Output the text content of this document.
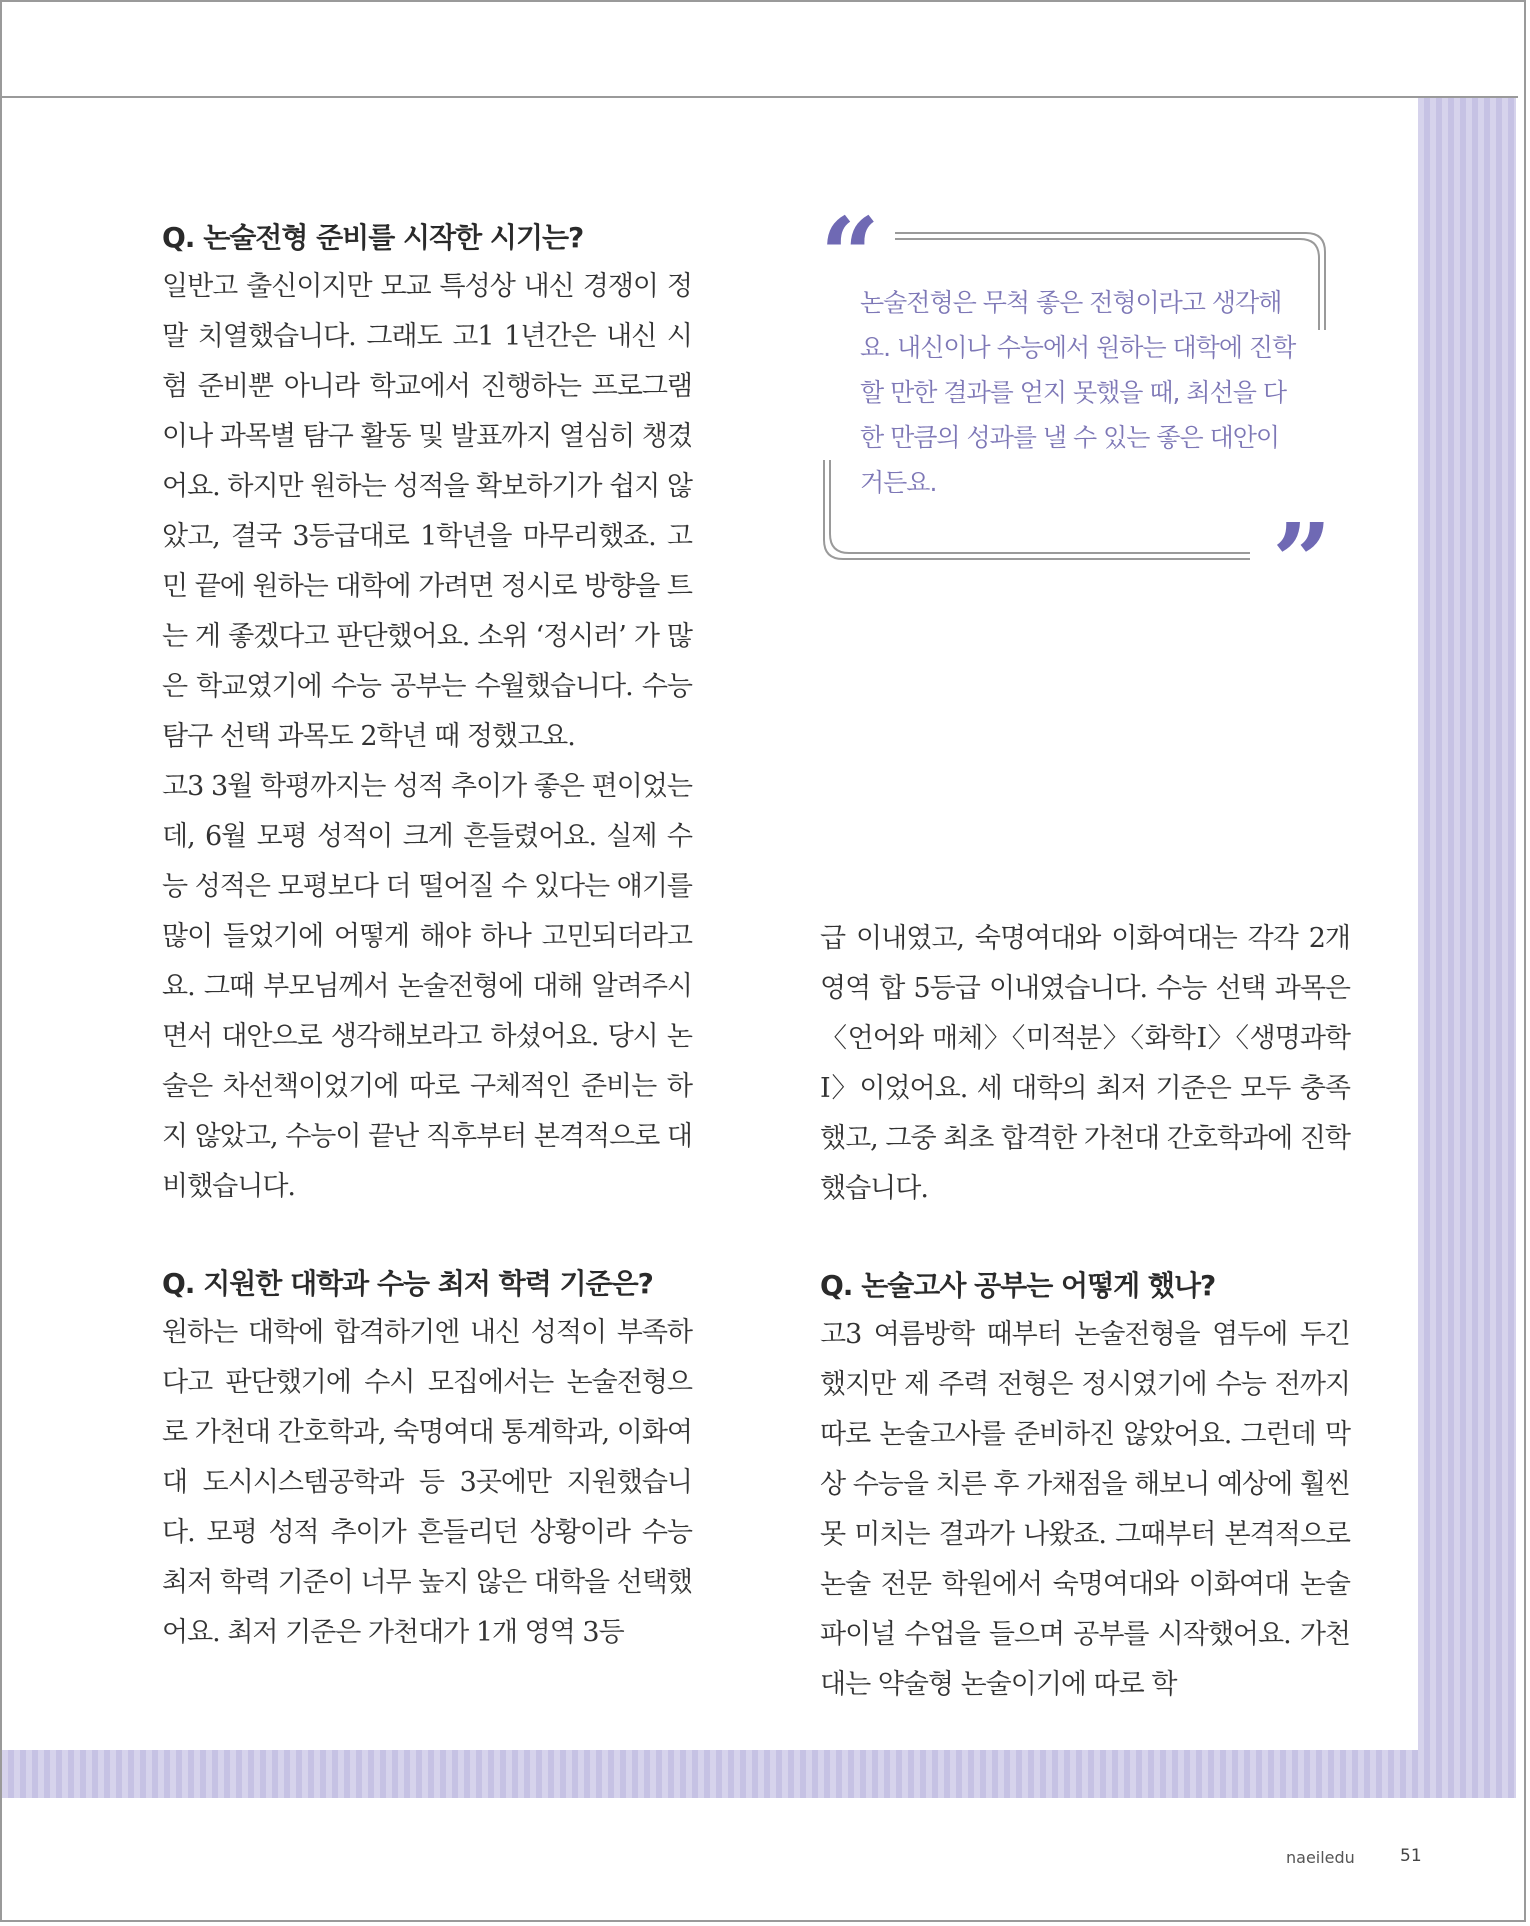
Q. 논술전형 준비를 시작한 시기는?

일반고 출신이지만 모교 특성상 내신 경쟁이 정말 치열했습니다. 그래도 고1 1년간은 내신 시험 준비뿐 아니라 학교에서 진행하는 프로그램이나 과목별 탐구 활동 및 발표까지 열심히 챙겼어요. 하지만 원하는 성적을 확보하기가 쉽지 않았고, 결국 3등급대로 1학년을 마무리했죠. 고민 끝에 원하는 대학에 가려면 정시로 방향을 트는 게 좋겠다고 판단했어요. 소위 ‘정시러’ 가 많은 학교였기에 수능 공부는 수월했습니다. 수능 탐구 선택 과목도 2학년 때 정했고요.

고3 3월 학평까지는 성적 추이가 좋은 편이었는데, 6월 모평 성적이 크게 흔들렸어요. 실제 수능 성적은 모평보다 더 떨어질 수 있다는 얘기를 많이 들었기에 어떻게 해야 하나 고민되더라고요. 그때 부모님께서 논술전형에 대해 알려주시면서 대안으로 생각해보라고 하셨어요. 당시 논술은 차선책이었기에 따로 구체적인 준비는 하지 않았고, 수능이 끝난 직후부터 본격적으로 대비했습니다.

Q. 지원한 대학과 수능 최저 학력 기준은?

원하는 대학에 합격하기엔 내신 성적이 부족하다고 판단했기에 수시 모집에서는 논술전형으로 가천대 간호학과, 숙명여대 통계학과, 이화여대 도시시스템공학과 등 3곳에만 지원했습니다. 모평 성적 추이가 흔들리던 상황이라 수능 최저 학력 기준이 너무 높지 않은 대학을 선택했어요. 최저 기준은 가천대가 1개 영역 3등

“

논술전형은 무척 좋은 전형이라고 생각해요. 내신이나 수능에서 원하는 대학에 진학할 만한 결과를 얻지 못했을 때, 최선을 다한 만큼의 성과를 낼 수 있는 좋은 대안이거든요.

”

급 이내였고, 숙명여대와 이화여대는 각각 2개 영역 합 5등급 이내였습니다. 수능 선택 과목은 〈언어와 매체〉〈미적분〉〈화학Ⅰ〉〈생명과학Ⅰ〉이었어요. 세 대학의 최저 기준은 모두 충족했고, 그중 최초 합격한 가천대 간호학과에 진학했습니다.

Q. 논술고사 공부는 어떻게 했나?

고3 여름방학 때부터 논술전형을 염두에 두긴 했지만 제 주력 전형은 정시였기에 수능 전까지 따로 논술고사를 준비하진 않았어요. 그런데 막상 수능을 치른 후 가채점을 해보니 예상에 훨씬 못 미치는 결과가 나왔죠. 그때부터 본격적으로 논술 전문 학원에서 숙명여대와 이화여대 논술 파이널 수업을 들으며 공부를 시작했어요. 가천대는 약술형 논술이기에 따로 학

naeiledu	51
